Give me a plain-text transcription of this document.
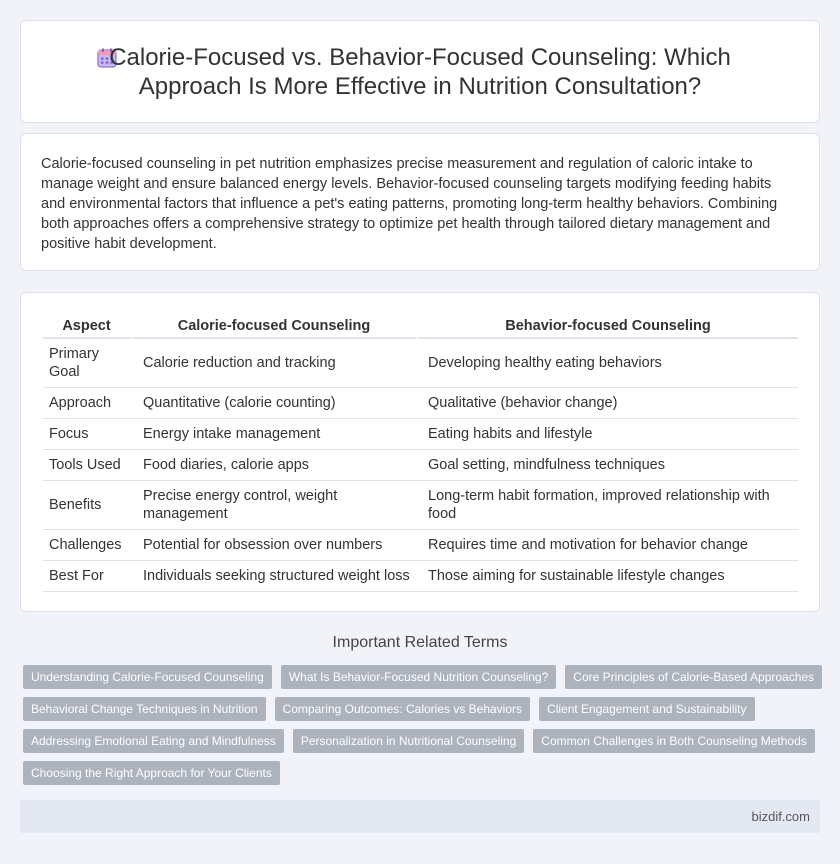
Calorie-Focused vs. Behavior-Focused Counseling: Which Approach Is More Effective in Nutrition Consultation?

Calorie-focused counseling in pet nutrition emphasizes precise measurement and regulation of caloric intake to manage weight and ensure balanced energy levels. Behavior-focused counseling targets modifying feeding habits and environmental factors that influence a pet's eating patterns, promoting long-term healthy behaviors. Combining both approaches offers a comprehensive strategy to optimize pet health through tailored dietary management and positive habit development.

Aspect	Calorie-focused Counseling	Behavior-focused Counseling
Primary Goal	Calorie reduction and tracking	Developing healthy eating behaviors
Approach	Quantitative (calorie counting)	Qualitative (behavior change)
Focus	Energy intake management	Eating habits and lifestyle
Tools Used	Food diaries, calorie apps	Goal setting, mindfulness techniques
Benefits	Precise energy control, weight management	Long-term habit formation, improved relationship with food
Challenges	Potential for obsession over numbers	Requires time and motivation for behavior change
Best For	Individuals seeking structured weight loss	Those aiming for sustainable lifestyle changes
Important Related Terms
Understanding Calorie-Focused Counseling	What Is Behavior-Focused Nutrition Counseling?	Core Principles of Calorie-Based Approaches
Behavioral Change Techniques in Nutrition	Comparing Outcomes: Calories vs Behaviors	Client Engagement and Sustainability
Addressing Emotional Eating and Mindfulness	Personalization in Nutritional Counseling	Common Challenges in Both Counseling Methods
Choosing the Right Approach for Your Clients
bizdif.com
